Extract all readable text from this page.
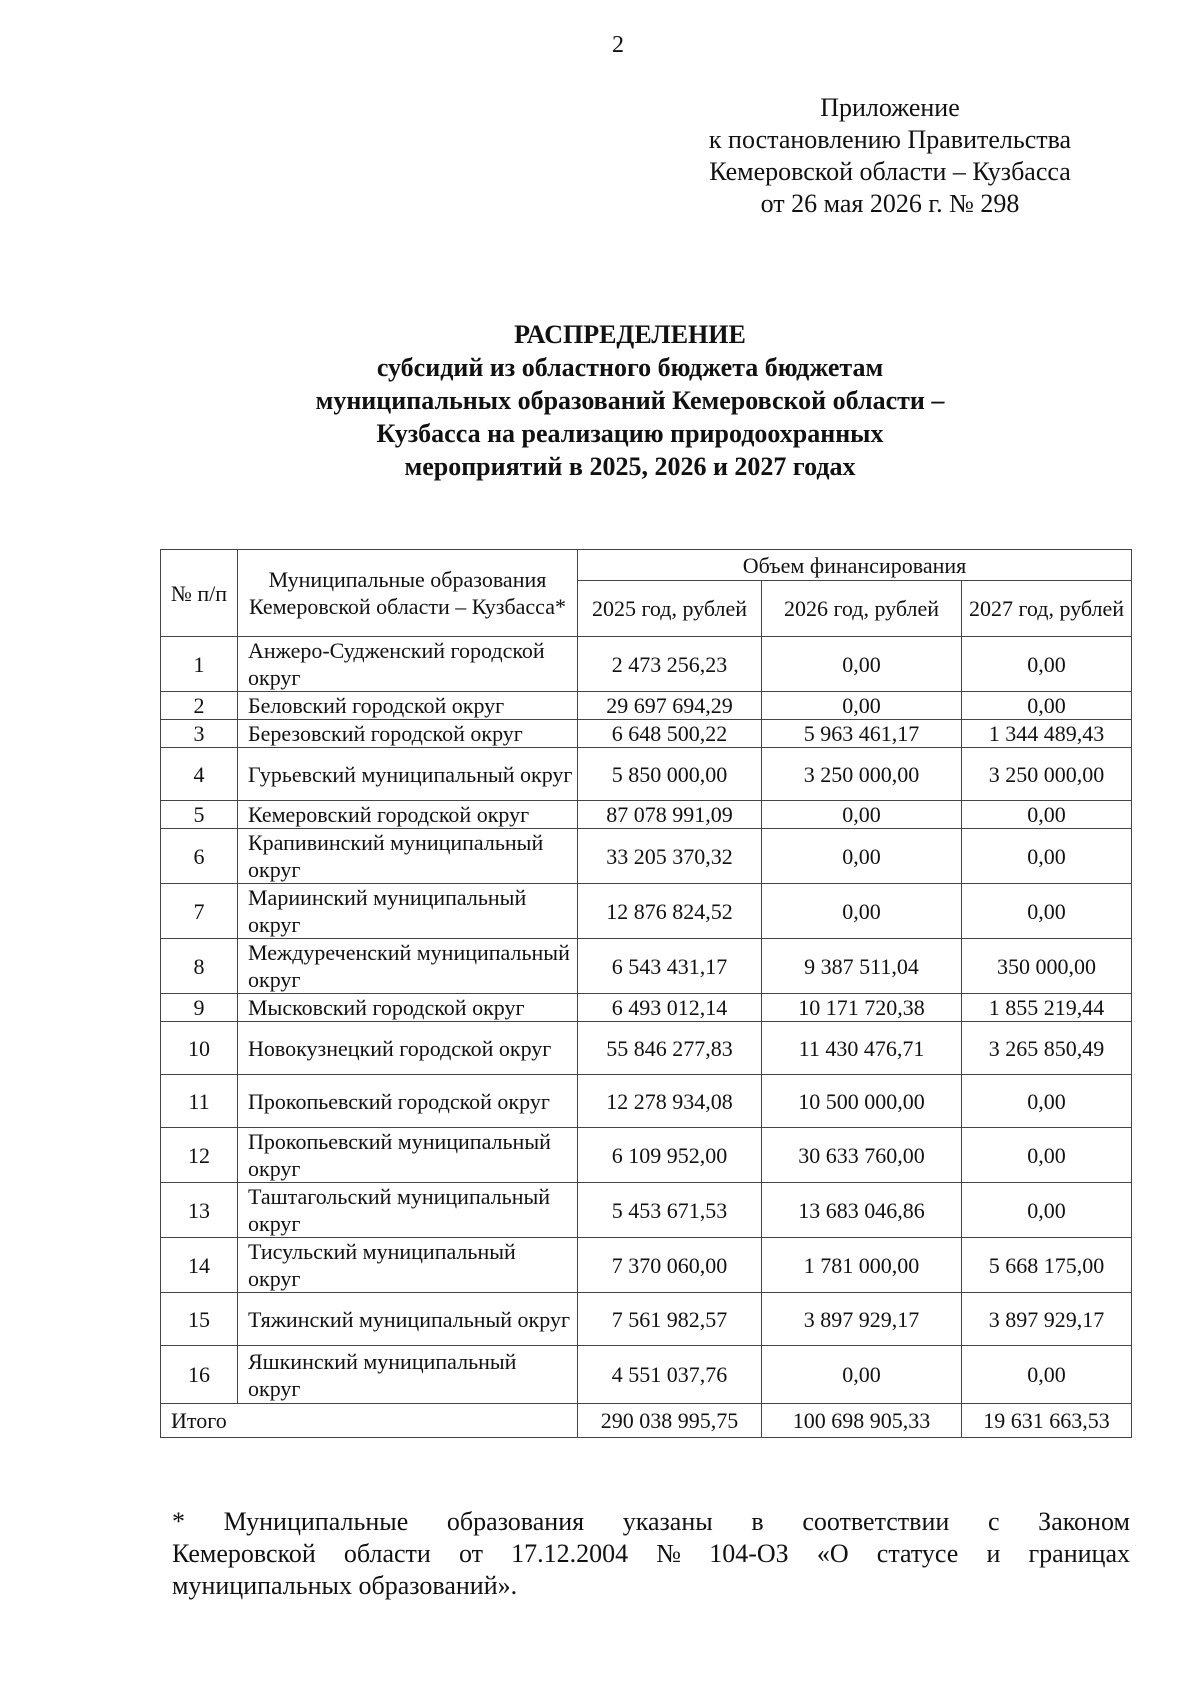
2
Приложение
к постановлению Правительства
Кемеровской области – Кузбасса
от 26 мая 2026 г. № 298
РАСПРЕДЕЛЕНИЕ
субсидий из областного бюджета бюджетам
муниципальных образований Кемеровской области –
Кузбасса на реализацию природоохранных
мероприятий в 2025, 2026 и 2027 годах
№ п/п	Муниципальные образования Кемеровской области – Кузбасса*	Объем финансирования		
		2025 год, рублей	2026 год, рублей	2027 год, рублей
1	Анжеро-Судженский городской округ	2 473 256,23	0,00	0,00
2	Беловский городской округ	29 697 694,29	0,00	0,00
3	Березовский городской округ	6 648 500,22	5 963 461,17	1 344 489,43
4	Гурьевский муниципальный округ	5 850 000,00	3 250 000,00	3 250 000,00
5	Кемеровский городской округ	87 078 991,09	0,00	0,00
6	Крапивинский муниципальный округ	33 205 370,32	0,00	0,00
7	Мариинский муниципальный округ	12 876 824,52	0,00	0,00
8	Междуреченский муниципальный округ	6 543 431,17	9 387 511,04	350 000,00
9	Мысковский городской округ	6 493 012,14	10 171 720,38	1 855 219,44
10	Новокузнецкий городской округ	55 846 277,83	11 430 476,71	3 265 850,49
11	Прокопьевский городской округ	12 278 934,08	10 500 000,00	0,00
12	Прокопьевский муниципальный округ	6 109 952,00	30 633 760,00	0,00
13	Таштагольский муниципальный округ	5 453 671,53	13 683 046,86	0,00
14	Тисульский муниципальный округ	7 370 060,00	1 781 000,00	5 668 175,00
15	Тяжинский муниципальный округ	7 561 982,57	3 897 929,17	3 897 929,17
16	Яшкинский муниципальный округ	4 551 037,76	0,00	0,00
Итого		290 038 995,75	100 698 905,33	19 631 663,53
* Муниципальные образования указаны в соответствии с Законом
Кемеровской области от 17.12.2004 № 104-ОЗ «О статусе и границах
муниципальных образований».
